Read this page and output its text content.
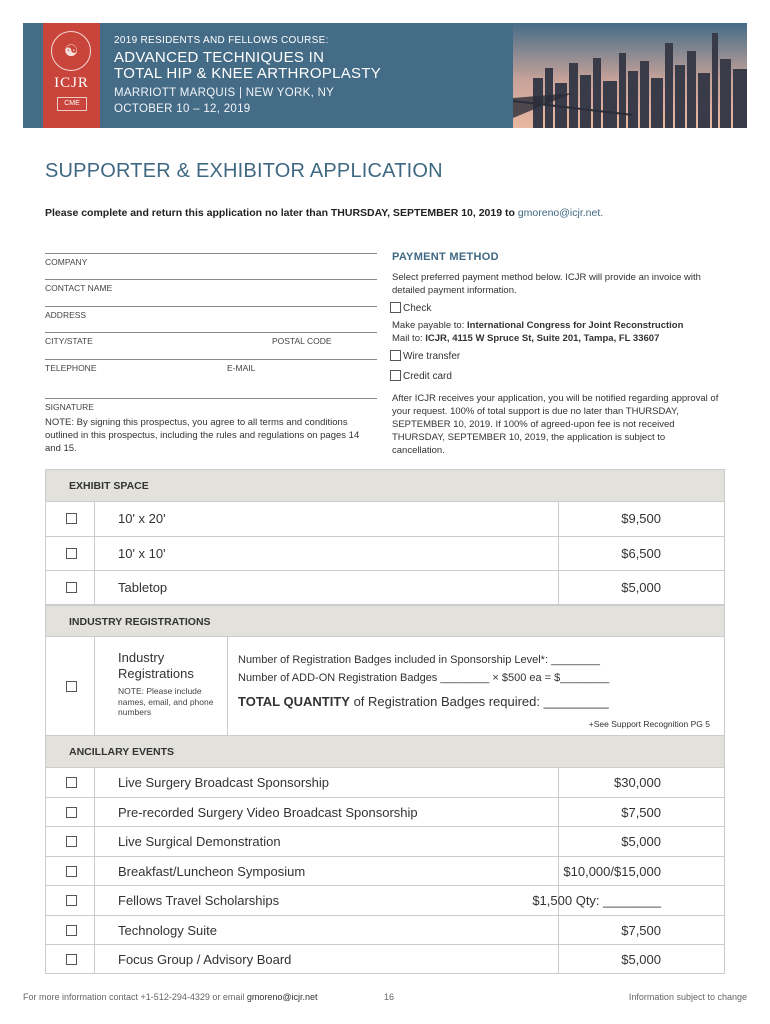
☯
ICJR
CME
2019 RESIDENTS AND FELLOWS COURSE:
ADVANCED TECHNIQUES IN
TOTAL HIP & KNEE ARTHROPLASTY
MARRIOTT MARQUIS | NEW YORK, NY
OCTOBER 10 – 12, 2019
SUPPORTER & EXHIBITOR APPLICATION
Please complete and return this application no later than THURSDAY, SEPTEMBER 10, 2019 to gmoreno@icjr.net.
COMPANY
CONTACT NAME
ADDRESS
CITY/STATE	POSTAL CODE
TELEPHONE	E-MAIL
SIGNATURE
NOTE: By signing this prospectus, you agree to all terms and conditions outlined in this prospectus, including the rules and regulations on pages 14 and 15.
PAYMENT METHOD
Select preferred payment method below. ICJR will provide an invoice with detailed payment information.
Check
Make payable to: International Congress for Joint Reconstruction
Mail to: ICJR, 4115 W Spruce St, Suite 201, Tampa, FL 33607
Wire transfer
Credit card
After ICJR receives your application, you will be notified regarding approval of your request. 100% of total support is due no later than THURSDAY, SEPTEMBER 10, 2019. If 100% of agreed-upon fee is not received THURSDAY, SEPTEMBER 10, 2019, the application is subject to cancellation.
EXHIBIT SPACE
10' x 20'	$9,500
10' x 10'	$6,500
Tabletop	$5,000
INDUSTRY REGISTRATIONS
Industry
Registrations
NOTE: Please include names, email, and phone numbers
Number of Registration Badges included in Sponsorship Level*: ________
Number of ADD-ON Registration Badges ________ × $500 ea = $________
TOTAL QUANTITY of Registration Badges required: _________
+See Support Recognition PG 5
ANCILLARY EVENTS
Live Surgery Broadcast Sponsorship	$30,000
Pre-recorded Surgery Video Broadcast Sponsorship	$7,500
Live Surgical Demonstration	$5,000
Breakfast/Luncheon Symposium	$10,000/$15,000
Fellows Travel Scholarships	$1,500 Qty: ________
Technology Suite	$7,500
Focus Group / Advisory Board	$5,000
For more information contact +1-512-294-4329 or email gmoreno@icjr.net	16	Information subject to change
